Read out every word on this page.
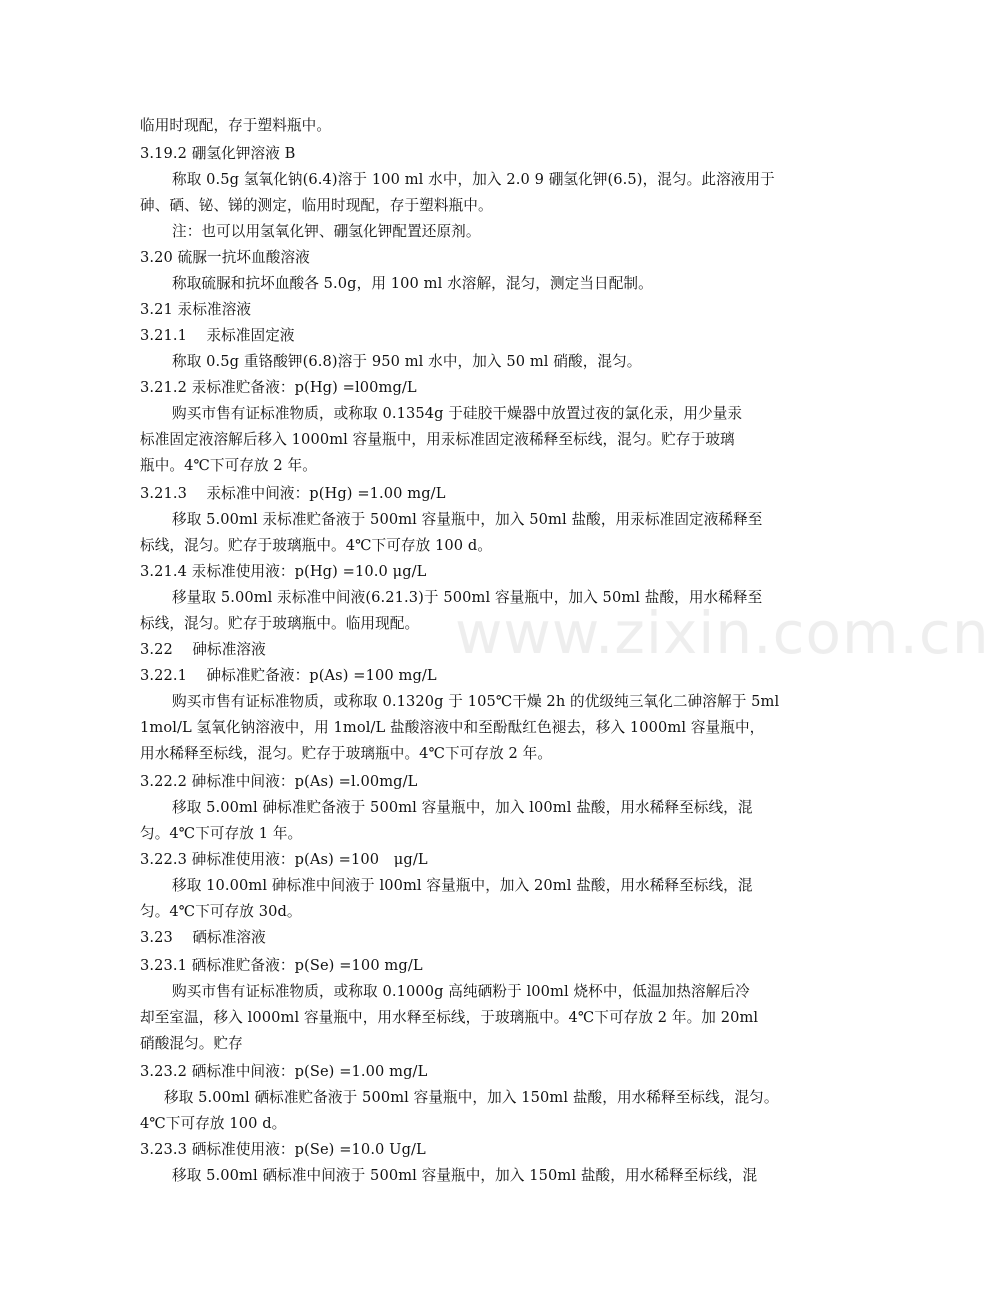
www.zixin.com.cn
临用时现配，存于塑料瓶中。
3.19.2 硼氢化钾溶液 B
称取 0.5g 氢氧化钠(6.4)溶于 100 ml 水中，加入 2.0 9 硼氢化钾(6.5)，混匀。此溶液用于
砷、硒、铋、锑的测定，临用时现配，存于塑料瓶中。
注：也可以用氢氧化钾、硼氢化钾配置还原剂。
3.20 硫脲一抗坏血酸溶液
称取硫脲和抗坏血酸各 5.0g，用 100 ml 水溶解，混匀，测定当日配制。
3.21 汞标准溶液
3.21.1　 汞标准固定液
称取 0.5g 重铬酸钾(6.8)溶于 950 ml 水中，加入 50 ml 硝酸，混匀。
3.21.2 汞标准贮备液：p(Hg) =l00mg/L
购买市售有证标准物质，或称取 0.1354g 于硅胶干燥器中放置过夜的氯化汞，用少量汞
标准固定液溶解后移入 1000ml 容量瓶中，用汞标准固定液稀释至标线，混匀。贮存于玻璃
瓶中。4℃下可存放 2 年。
3.21.3　 汞标准中间液：p(Hg) =1.00 mg/L
移取 5.00ml 汞标准贮备液于 500ml 容量瓶中，加入 50ml 盐酸，用汞标准固定液稀释至
标线，混匀。贮存于玻璃瓶中。4℃下可存放 100 d。
3.21.4 汞标准使用液：p(Hg) =10.0 μg/L
移量取 5.00ml 汞标准中间液(6.21.3)于 500ml 容量瓶中，加入 50ml 盐酸，用水稀释至
标线，混匀。贮存于玻璃瓶中。临用现配。
3.22　 砷标准溶液
3.22.1　 砷标准贮备液：p(As) =100 mg/L
购买市售有证标准物质，或称取 0.1320g 于 105℃干燥 2h 的优级纯三氧化二砷溶解于 5ml
1mol/L 氢氧化钠溶液中，用 1mol/L 盐酸溶液中和至酚酞红色褪去，移入 1000ml 容量瓶中，
用水稀释至标线，混匀。贮存于玻璃瓶中。4℃下可存放 2 年。
3.22.2 砷标准中间液：p(As) =l.00mg/L
移取 5.00ml 砷标准贮备液于 500ml 容量瓶中，加入 l00ml 盐酸，用水稀释至标线，混
匀。4℃下可存放 1 年。
3.22.3 砷标准使用液：p(As) =100　μg/L
移取 10.00ml 砷标准中间液于 l00ml 容量瓶中，加入 20ml 盐酸，用水稀释至标线，混
匀。4℃下可存放 30d。
3.23　 硒标准溶液
3.23.1 硒标准贮备液：p(Se) =100 mg/L
购买市售有证标准物质，或称取 0.1000g 高纯硒粉于 l00ml 烧杯中，低温加热溶解后冷
却至室温，移入 l000ml 容量瓶中，用水释至标线，于玻璃瓶中。4℃下可存放 2 年。加 20ml
硝酸混匀。贮存
3.23.2 硒标准中间液：p(Se) =1.00 mg/L
移取 5.00ml 硒标准贮备液于 500ml 容量瓶中，加入 150ml 盐酸，用水稀释至标线，混匀。
4℃下可存放 100 d。
3.23.3 硒标准使用液：p(Se) =10.0 Ug/L
移取 5.00ml 硒标准中间液于 500ml 容量瓶中，加入 150ml 盐酸，用水稀释至标线，混
